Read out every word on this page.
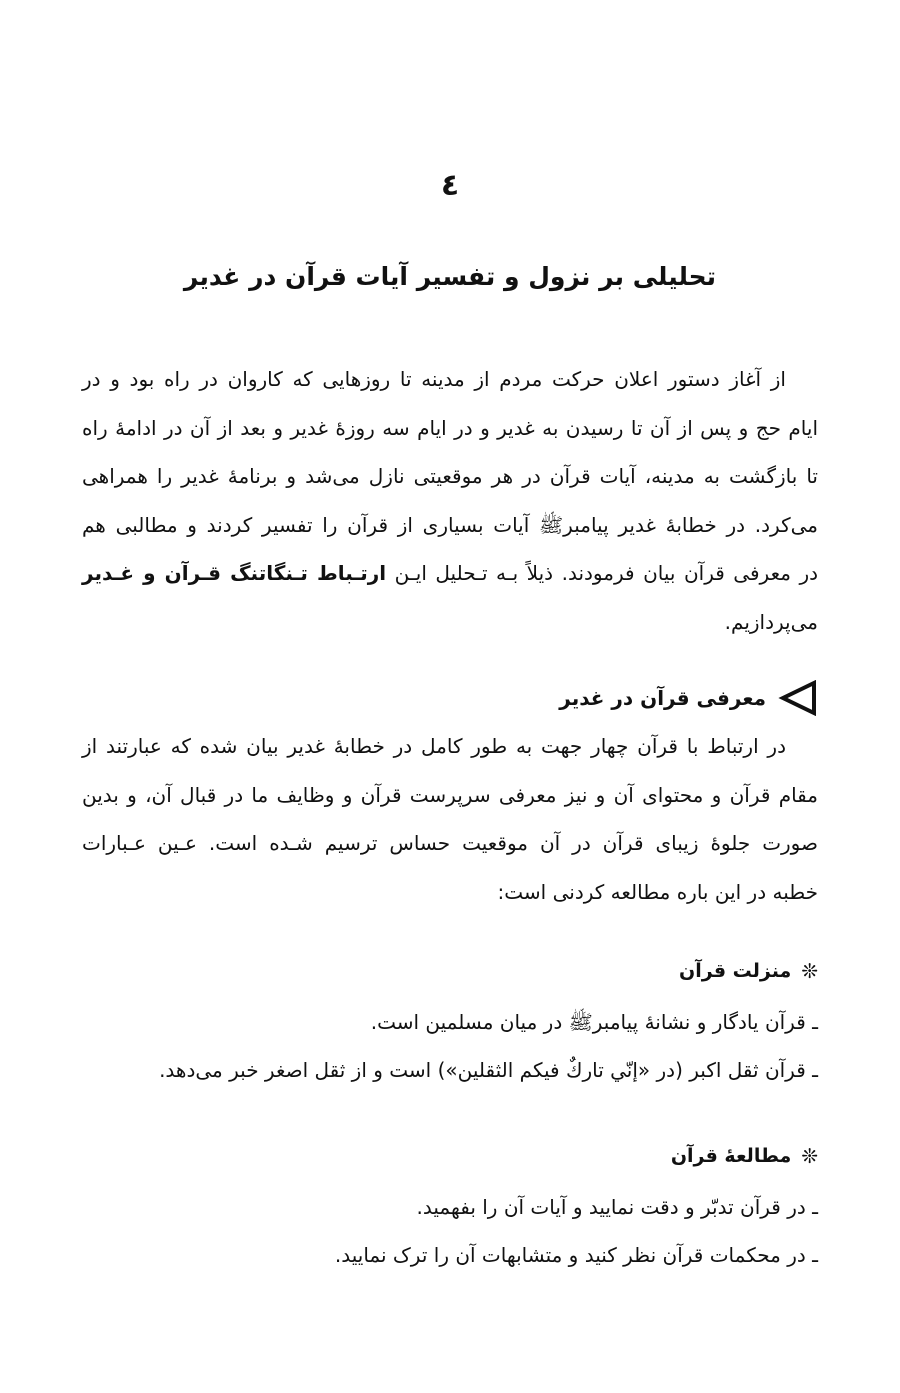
٤
تحلیلی بر نزول و تفسیر آیات قرآن در غدیر

از آغاز دستور اعلان حرکت مردم از مدینه تا روزهایی که کاروان در راه بود و در
ایام حج و پس از آن تا رسیدن به غدیر و در ایام سه روزۀ غدیر و بعد از آن در ادامۀ راه
تا بازگشت به مدینه، آیات قرآن در هر موقعیتی نازل می‌شد و برنامۀ غدیر را همراهی
می‌کرد. در خطابۀ غدیر پیامبرﷺ آیات بسیاری از قرآن را تفسیر کردند و مطالبی هم
در معرفی قرآن بیان فرمودند. ذیلاً بـه تـحلیل ایـن ارتـباط تـنگاتنگ قـرآن و غـدیر
می‌پردازیم.

معرفی قرآن در غدیر

در ارتباط با قرآن چهار جهت به طور کامل در خطابۀ غدیر بیان شده که عبارتند از
مقام قرآن و محتوای آن و نیز معرفی سرپرست قرآن و وظایف ما در قبال آن، و بدین
صورت جلوۀ زیبای قرآن در آن موقعیت حساس ترسیم شـده است. عـین عـبارات
خطبه در این باره مطالعه کردنی است:

❊
منزلت قرآن
ـ قرآن یادگار و نشانۀ پیامبرﷺ در میان مسلمین است.
ـ قرآن ثقل اکبر (در «إنّي تاركٌ فيكم الثقلين») است و از ثقل اصغر خبر می‌دهد.
❊
مطالعۀ قرآن
ـ در قرآن تدبّر و دقت نمایید و آیات آن را بفهمید.
ـ در محکمات قرآن نظر کنید و متشابهات آن را ترک نمایید.
